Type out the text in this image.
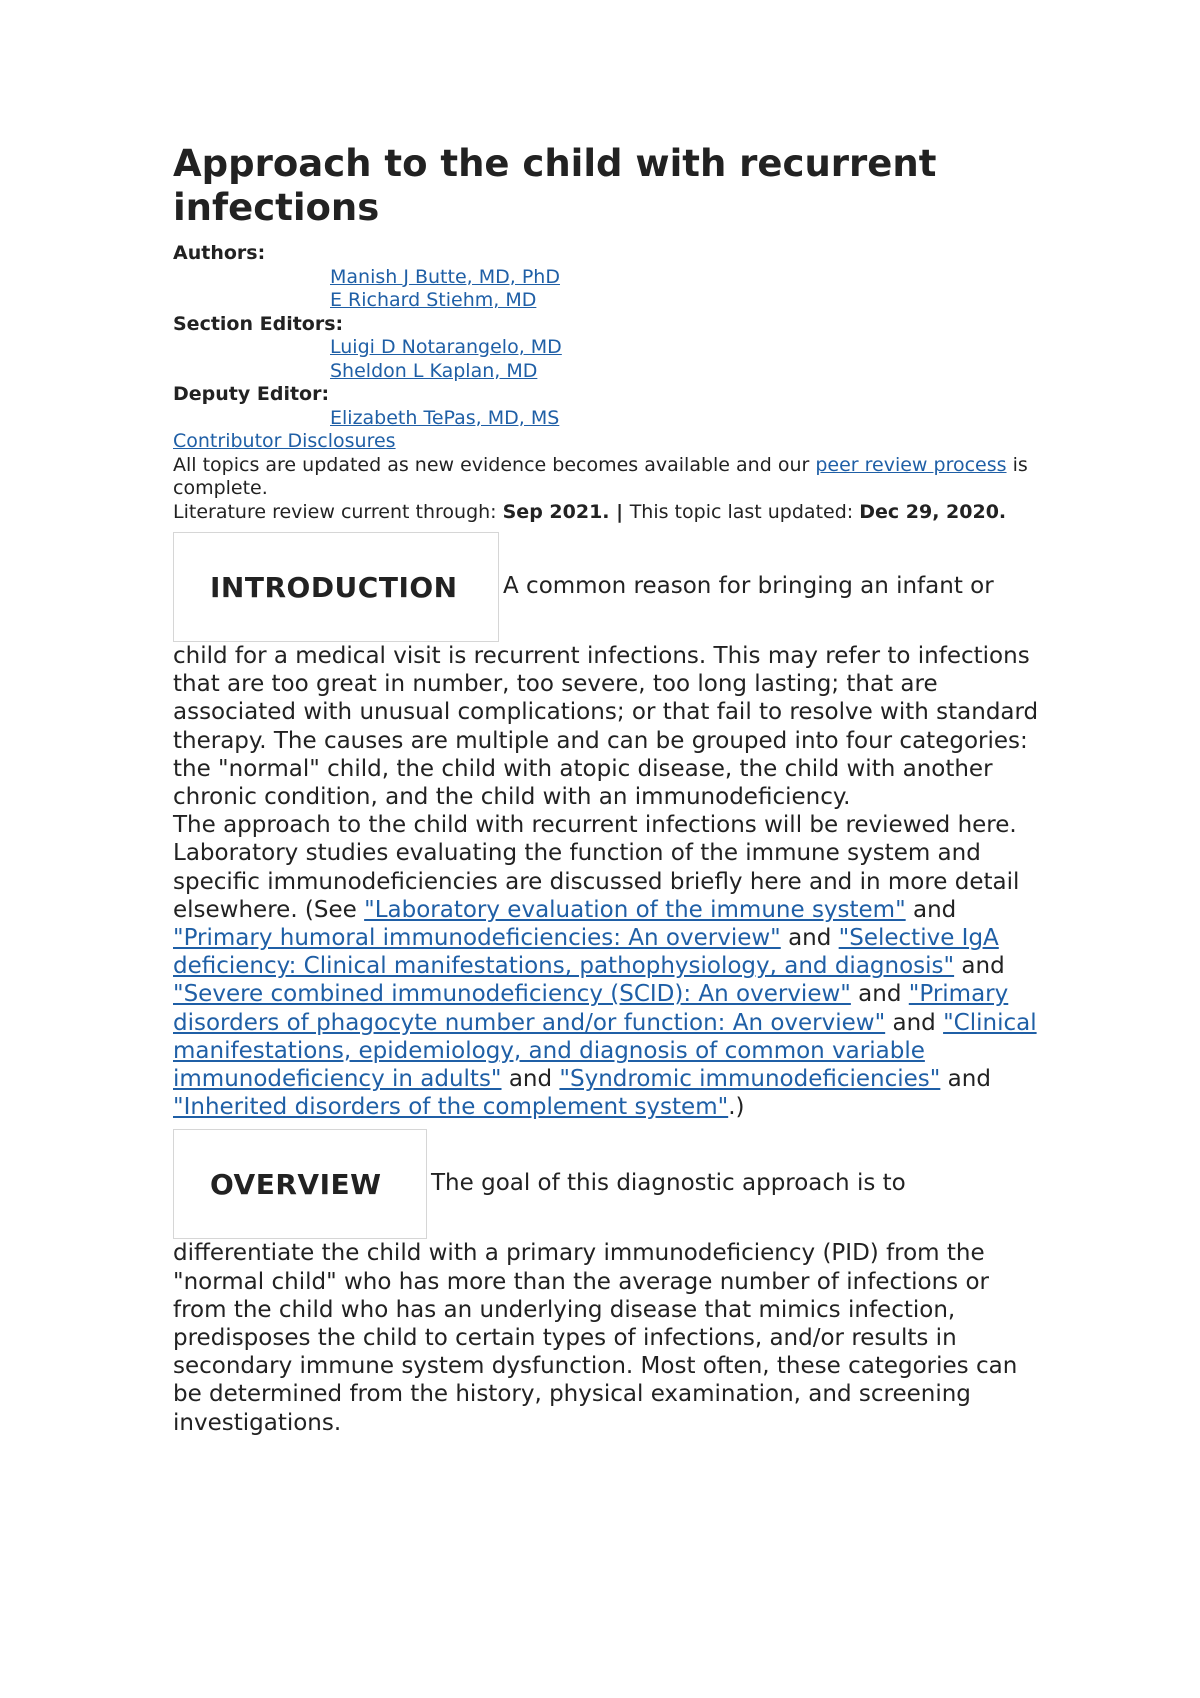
Approach to the child with recurrent infections
Authors:
Manish J Butte, MD, PhD
E Richard Stiehm, MD
Section Editors:
Luigi D Notarangelo, MD
Sheldon L Kaplan, MD
Deputy Editor:
Elizabeth TePas, MD, MS
Contributor Disclosures
All topics are updated as new evidence becomes available and our peer review process is complete.
Literature review current through: Sep 2021. | This topic last updated: Dec 29, 2020.
INTRODUCTION	A common reason for bringing an infant or

child for a medical visit is recurrent infections. This may refer to infections that are too great in number, too severe, too long lasting; that are associated with unusual complications; or that fail to resolve with standard therapy. The causes are multiple and can be grouped into four categories: the "normal" child, the child with atopic disease, the child with another chronic condition, and the child with an immunodeficiency.

The approach to the child with recurrent infections will be reviewed here. Laboratory studies evaluating the function of the immune system and specific immunodeficiencies are discussed briefly here and in more detail elsewhere. (See "Laboratory evaluation of the immune system" and "Primary humoral immunodeficiencies: An overview" and "Selective IgA deficiency: Clinical manifestations, pathophysiology, and diagnosis" and "Severe combined immunodeficiency (SCID): An overview" and "Primary disorders of phagocyte number and/or function: An overview" and "Clinical manifestations, epidemiology, and diagnosis of common variable immunodeficiency in adults" and "Syndromic immunodeficiencies" and "Inherited disorders of the complement system".)

OVERVIEW	The goal of this diagnostic approach is to

differentiate the child with a primary immunodeficiency (PID) from the "normal child" who has more than the average number of infections or from the child who has an underlying disease that mimics infection, predisposes the child to certain types of infections, and/or results in secondary immune system dysfunction. Most often, these categories can be determined from the history, physical examination, and screening investigations.
